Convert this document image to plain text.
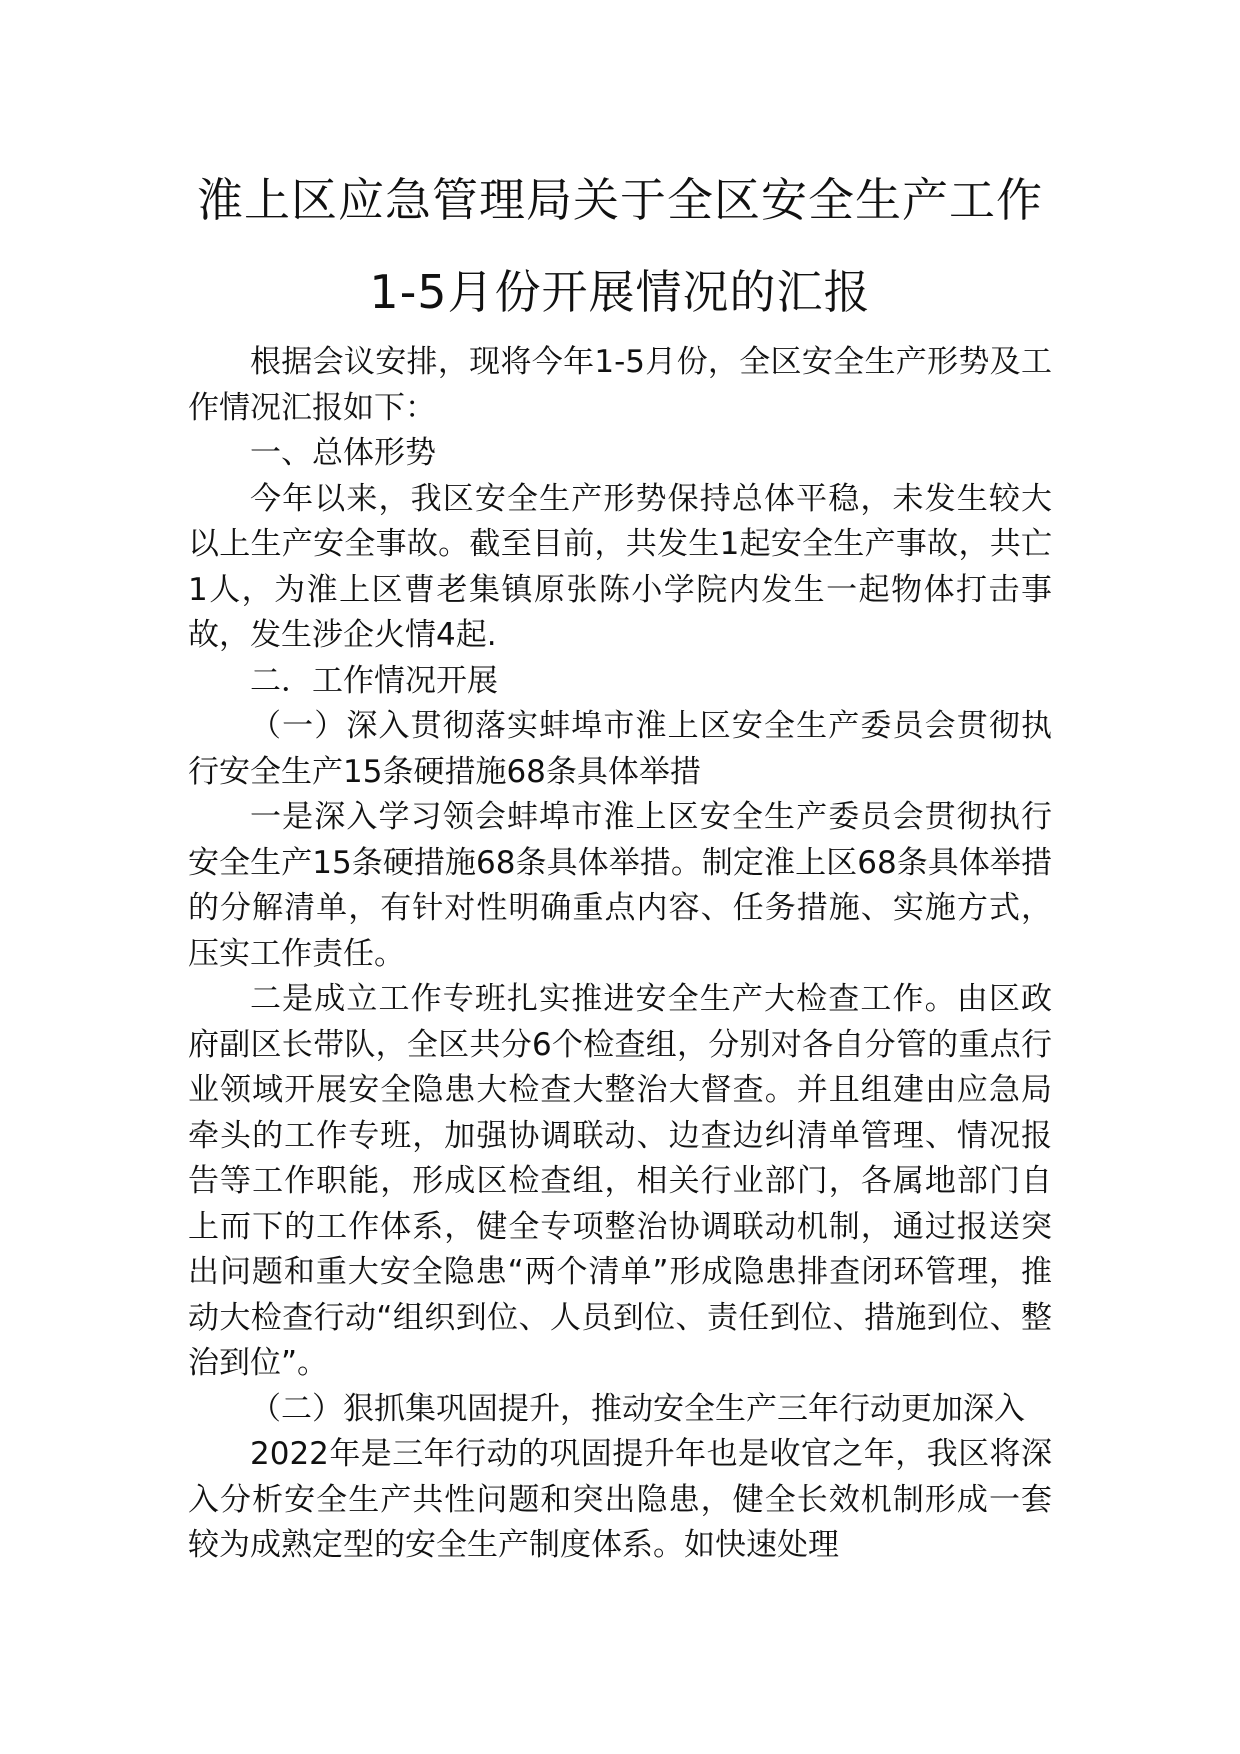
淮上区应急管理局关于全区安全生产工作
1-5月份开展情况的汇报

根据会议安排，现将今年1-5月份，全区安全生产形势及工作情况汇报如下：

一、总体形势

今年以来，我区安全生产形势保持总体平稳，未发生较大以上生产安全事故。截至目前，共发生1起安全生产事故，共亡1人，为淮上区曹老集镇原张陈小学院内发生一起物体打击事故，发生涉企火情4起.

二．工作情况开展

（一）深入贯彻落实蚌埠市淮上区安全生产委员会贯彻执行安全生产15条硬措施68条具体举措

一是深入学习领会蚌埠市淮上区安全生产委员会贯彻执行安全生产15条硬措施68条具体举措。制定淮上区68条具体举措的分解清单，有针对性明确重点内容、任务措施、实施方式，压实工作责任。

二是成立工作专班扎实推进安全生产大检查工作。由区政府副区长带队，全区共分6个检查组，分别对各自分管的重点行业领域开展安全隐患大检查大整治大督查。并且组建由应急局牵头的工作专班，加强协调联动、边查边纠清单管理、情况报告等工作职能，形成区检查组，相关行业部门，各属地部门自上而下的工作体系，健全专项整治协调联动机制，通过报送突出问题和重大安全隐患“两个清单”形成隐患排查闭环管理，推动大检查行动“组织到位、人员到位、责任到位、措施到位、整治到位”。

（二）狠抓集巩固提升，推动安全生产三年行动更加深入

2022年是三年行动的巩固提升年也是收官之年，我区将深入分析安全生产共性问题和突出隐患，健全长效机制形成一套较为成熟定型的安全生产制度体系。如快速处理
